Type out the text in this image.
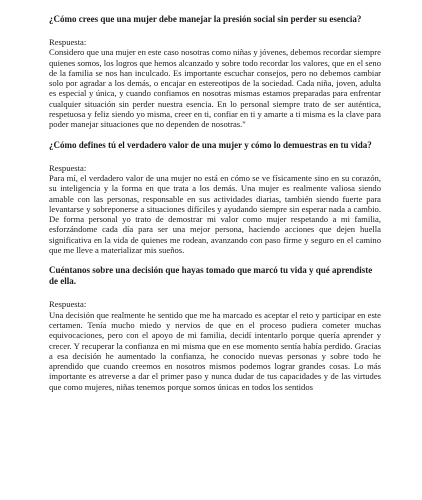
¿Cómo crees que una mujer debe manejar la presión social sin perder su esencia?

Respuesta:

Considero que una mujer en este caso nosotras como niñas y jóvenes, debemos recordar siempre quienes somos, los logros que hemos alcanzado y sobre todo recordar los valores, que en el seno de la familia se nos han inculcado. Es importante escuchar consejos, pero no debemos cambiar solo por agradar a los demás, o encajar en estereotipos de la sociedad. Cada niña, joven, adulta es especial y única, y cuando confiamos en nosotras mismas estamos preparadas para enfrentar cualquier situación sin perder nuestra esencia. En lo personal siempre trato de ser auténtica, respetuosa y feliz siendo yo misma, creer en ti, confiar en ti y amarte a ti misma es la clave para poder manejar situaciones que no dependen de nosotras."

¿Cómo defines tú el verdadero valor de una mujer y cómo lo demuestras en tu vida?

Respuesta:

Para mí, el verdadero valor de una mujer no está en cómo se ve físicamente sino en su corazón, su inteligencia y la forma en que trata a los demás. Una mujer es realmente valiosa siendo amable con las personas, responsable en sus actividades diarias, también siendo fuerte para levantarse y sobreponerse a situaciones difíciles y ayudando siempre sin esperar nada a cambio. De forma personal yo trato de demostrar mi valor como mujer respetando a mi familia, esforzándome cada día para ser una mejor persona, haciendo acciones que dejen huella significativa en la vida de quienes me rodean, avanzando con paso firme y seguro en el camino que me lleve a materializar mis sueños.

Cuéntanos sobre una decisión que hayas tomado que marcó tu vida y qué aprendiste de ella.

Respuesta:

Una decisión que realmente he sentido que me ha marcado es aceptar el reto y participar en este certamen. Tenía mucho miedo y nervios de que en el proceso pudiera cometer muchas equivocaciones, pero con el apoyo de mi familia, decidí intentarlo porque quería aprender y crecer. Y recuperar la confianza en mi misma que en ese momento sentía había perdido. Gracias a esa decisión he aumentado la confianza, he conocido nuevas personas y sobre todo he aprendido que cuando creemos en nosotros mismos podemos lograr grandes cosas. Lo más importante es atreverse a dar el primer paso y nunca dudar de tus capacidades y de las virtudes que como mujeres, niñas tenemos porque somos únicas en todos los sentidos
